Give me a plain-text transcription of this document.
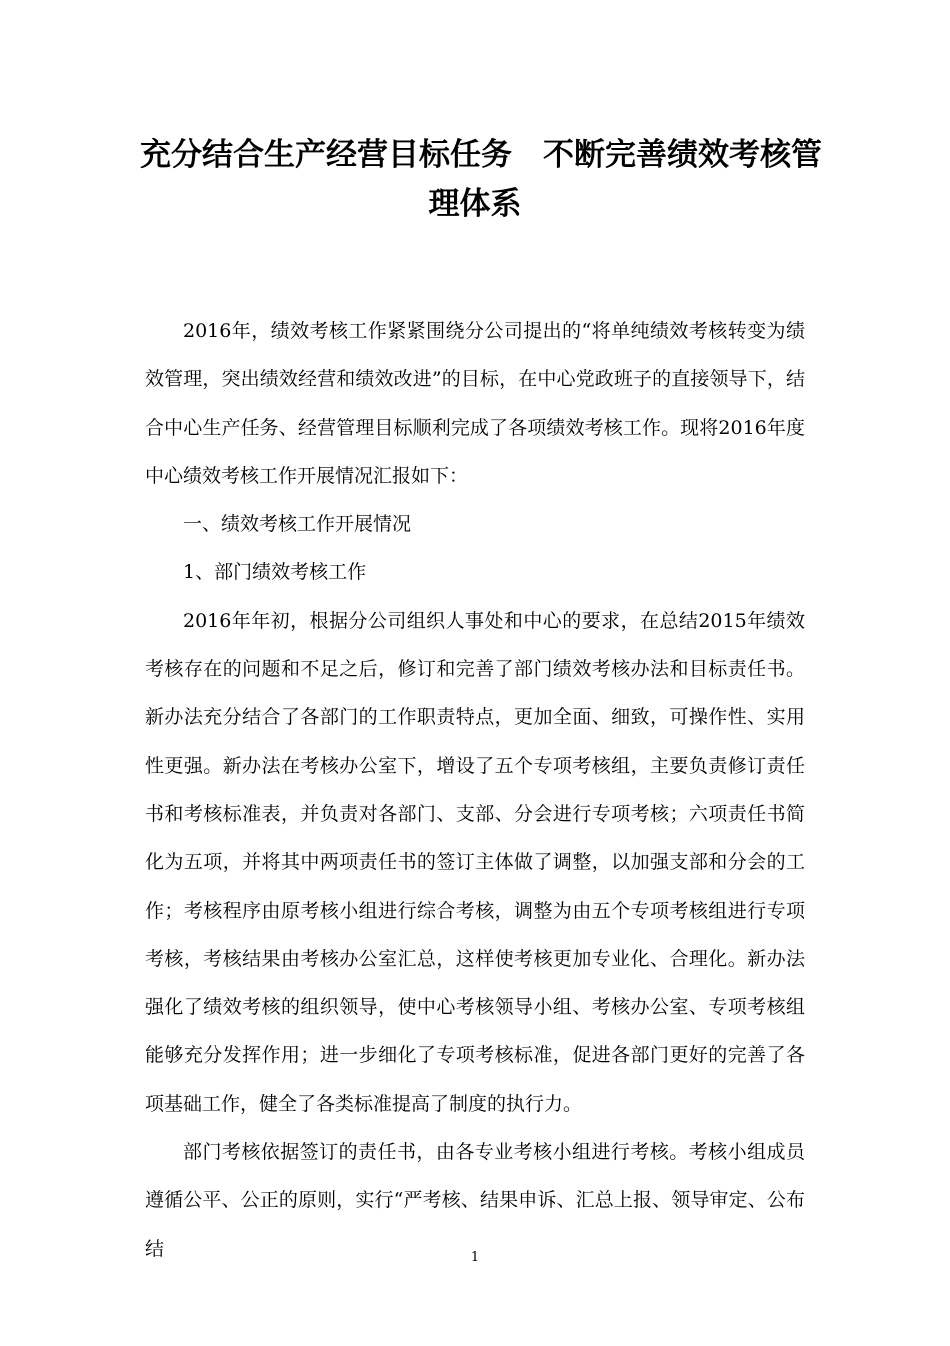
充分结合生产经营目标任务　不断完善绩效考核管
理体系

2016年，绩效考核工作紧紧围绕分公司提出的“将单纯绩效考核转变为绩效管理，突出绩效经营和绩效改进”的目标，在中心党政班子的直接领导下，结合中心生产任务、经营管理目标顺利完成了各项绩效考核工作。现将2016年度中心绩效考核工作开展情况汇报如下：

一、绩效考核工作开展情况

1、部门绩效考核工作

2016年年初，根据分公司组织人事处和中心的要求，在总结2015年绩效考核存在的问题和不足之后，修订和完善了部门绩效考核办法和目标责任书。新办法充分结合了各部门的工作职责特点，更加全面、细致，可操作性、实用性更强。新办法在考核办公室下，增设了五个专项考核组，主要负责修订责任书和考核标准表，并负责对各部门、支部、分会进行专项考核；六项责任书简化为五项，并将其中两项责任书的签订主体做了调整，以加强支部和分会的工作；考核程序由原考核小组进行综合考核，调整为由五个专项考核组进行专项考核，考核结果由考核办公室汇总，这样使考核更加专业化、合理化。新办法强化了绩效考核的组织领导，使中心考核领导小组、考核办公室、专项考核组能够充分发挥作用；进一步细化了专项考核标准，促进各部门更好的完善了各项基础工作，健全了各类标准提高了制度的执行力。

部门考核依据签订的责任书，由各专业考核小组进行考核。考核小组成员遵循公平、公正的原则，实行“严考核、结果申诉、汇总上报、领导审定、公布结	1
